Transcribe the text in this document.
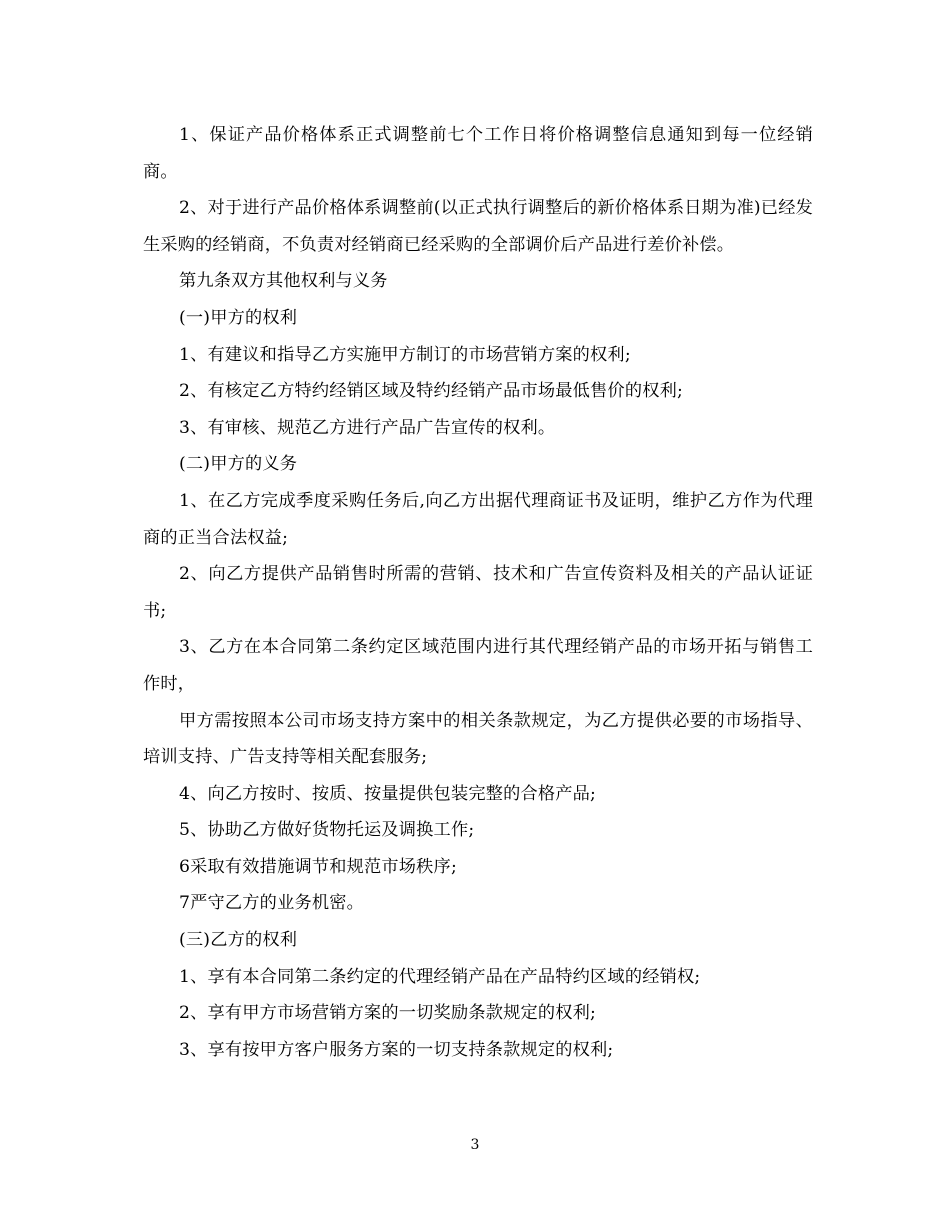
1、保证产品价格体系正式调整前七个工作日将价格调整信息通知到每一位经销商。

2、对于进行产品价格体系调整前(以正式执行调整后的新价格体系日期为准)已经发生采购的经销商，不负责对经销商已经采购的全部调价后产品进行差价补偿。

第九条双方其他权利与义务

(一)甲方的权利

1、有建议和指导乙方实施甲方制订的市场营销方案的权利;

2、有核定乙方特约经销区域及特约经销产品市场最低售价的权利;

3、有审核、规范乙方进行产品广告宣传的权利。

(二)甲方的义务

1、在乙方完成季度采购任务后,向乙方出据代理商证书及证明，维护乙方作为代理商的正当合法权益;

2、向乙方提供产品销售时所需的营销、技术和广告宣传资料及相关的产品认证证书;

3、乙方在本合同第二条约定区域范围内进行其代理经销产品的市场开拓与销售工作时，

甲方需按照本公司市场支持方案中的相关条款规定，为乙方提供必要的市场指导、培训支持、广告支持等相关配套服务;

4、向乙方按时、按质、按量提供包装完整的合格产品;

5、协助乙方做好货物托运及调换工作;

6采取有效措施调节和规范市场秩序;

7严守乙方的业务机密。

(三)乙方的权利

1、享有本合同第二条约定的代理经销产品在产品特约区域的经销权;

2、享有甲方市场营销方案的一切奖励条款规定的权利;

3、享有按甲方客户服务方案的一切支持条款规定的权利;

3
